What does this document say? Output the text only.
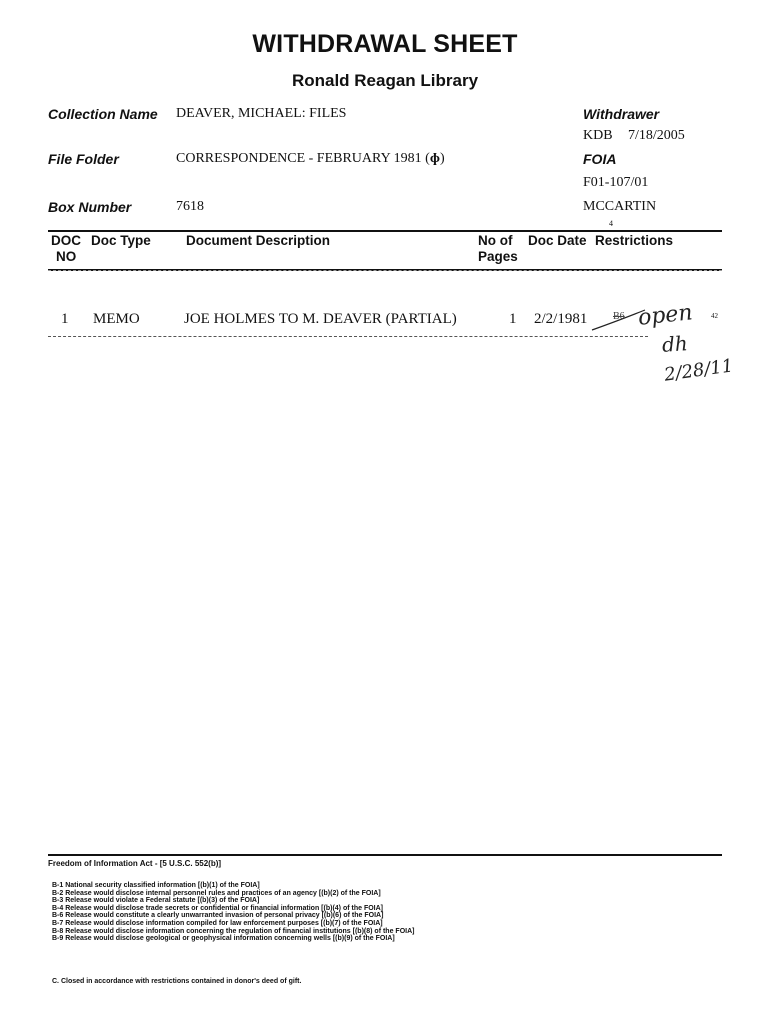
WITHDRAWAL SHEET
Ronald Reagan Library
Collection Name DEAVER, MICHAEL: FILES
File Folder	CORRESPONDENCE - FEBRUARY 1981 (ɸ)
Box Number	7618
Withdrawer
KDB 7/18/2005
FOIA
F01-107/01
MCCARTIN
4
DOC
NO
Doc Type	Document Description	No of
Pages
Doc Date Restrictions
1 MEMO	JOE HOLMES TO M. DEAVER (PARTIAL)	1 2/2/1981	B6 open 42
dh
2/28/11
Freedom of Information Act - [5 U.S.C. 552(b)]
B-1 National security classified information [(b)(1) of the FOIA]
B-2 Release would disclose internal personnel rules and practices of an agency [(b)(2) of the FOIA]
B-3 Release would violate a Federal statute [(b)(3) of the FOIA]
B-4 Release would disclose trade secrets or confidential or financial information [(b)(4) of the FOIA]
B-6 Release would constitute a clearly unwarranted invasion of personal privacy [(b)(6) of the FOIA]
B-7 Release would disclose information compiled for law enforcement purposes [(b)(7) of the FOIA]
B-8 Release would disclose information concerning the regulation of financial institutions [(b)(8) of the FOIA]
B-9 Release would disclose geological or geophysical information concerning wells [(b)(9) of the FOIA]
C. Closed in accordance with restrictions contained in donor's deed of gift.
